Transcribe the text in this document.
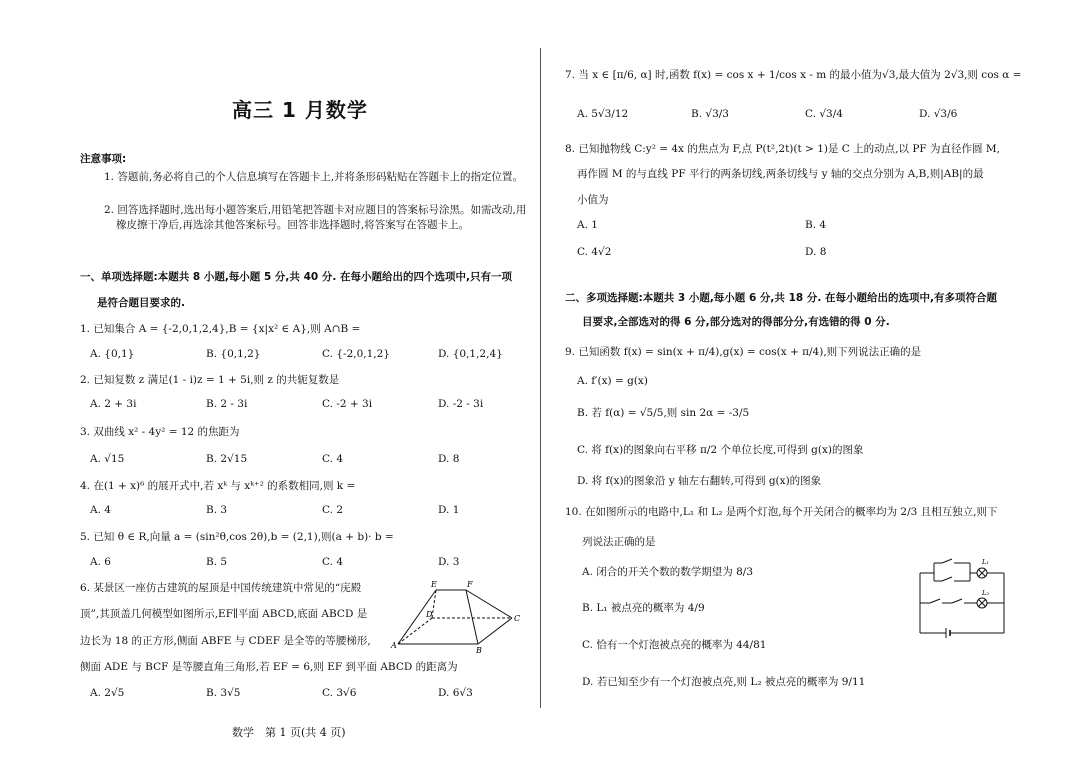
高三 1 月数学
注意事项:
1. 答题前,务必将自己的个人信息填写在答题卡上,并将条形码粘贴在答题卡上的指定位置。
2. 回答选择题时,选出每小题答案后,用铅笔把答题卡对应题目的答案标号涂黑。如需改动,用橡皮擦干净后,再选涂其他答案标号。回答非选择题时,将答案写在答题卡上。
一、单项选择题:本题共 8 小题,每小题 5 分,共 40 分. 在每小题给出的四个选项中,只有一项
是符合题目要求的.
1. 已知集合 A = {-2,0,1,2,4},B = {x|x² ∈ A},则 A∩B =
A. {0,1}	B. {0,1,2}	C. {-2,0,1,2}	D. {0,1,2,4}
2. 已知复数 z 满足(1 - i)z = 1 + 5i,则 z 的共轭复数是
A. 2 + 3i	B. 2 - 3i	C. -2 + 3i	D. -2 - 3i
3. 双曲线 x² - 4y² = 12 的焦距为
A. √15	B. 2√15	C. 4	D. 8
4. 在(1 + x)⁶ 的展开式中,若 xᵏ 与 xᵏ⁺² 的系数相同,则 k =
A. 4	B. 3	C. 2	D. 1
5. 已知 θ ∈ R,向量 a = (sin²θ,cos 2θ),b = (2,1),则(a + b)· b =
A. 6	B. 5	C. 4	D. 3
6. 某景区一座仿古建筑的屋顶是中国传统建筑中常见的“庑殿
顶”,其顶盖几何模型如图所示,EF∥平面 ABCD,底面 ABCD 是
边长为 18 的正方形,侧面 ABFE 与 CDEF 是全等的等腰梯形,
侧面 ADE 与 BCF 是等腰直角三角形,若 EF = 6,则 EF 到平面 ABCD 的距离为
A. 2√5	B. 3√5	C. 3√6	D. 6√3
E	F
A
B
C
D
数学　第 1 页(共 4 页)
7. 当 x ∈ [π/6, α] 时,函数 f(x) = cos x + 1/cos x - m 的最小值为√3,最大值为 2√3,则 cos α =
A. 5√3/12	B. √3/3	C. √3/4	D. √3/6
8. 已知抛物线 C:y² = 4x 的焦点为 F,点 P(t²,2t)(t > 1)是 C 上的动点,以 PF 为直径作圆 M,
再作圆 M 的与直线 PF 平行的两条切线,两条切线与 y 轴的交点分别为 A,B,则|AB|的最
小值为
A. 1	B. 4
C. 4√2	D. 8
二、多项选择题:本题共 3 小题,每小题 6 分,共 18 分. 在每小题给出的选项中,有多项符合题
目要求,全部选对的得 6 分,部分选对的得部分分,有选错的得 0 分.
9. 已知函数 f(x) = sin(x + π/4),g(x) = cos(x + π/4),则下列说法正确的是
A. f′(x) = g(x)
B. 若 f(α) = √5/5,则 sin 2α = -3/5
C. 将 f(x)的图象向右平移 π/2 个单位长度,可得到 g(x)的图象
D. 将 f(x)的图象沿 y 轴左右翻转,可得到 g(x)的图象
10. 在如图所示的电路中,L₁ 和 L₂ 是两个灯泡,每个开关闭合的概率均为 2/3 且相互独立,则下
列说法正确的是
A. 闭合的开关个数的数学期望为 8/3
B. L₁ 被点亮的概率为 4/9
C. 恰有一个灯泡被点亮的概率为 44/81
D. 若已知至少有一个灯泡被点亮,则 L₂ 被点亮的概率为 9/11
L₁
L₂
